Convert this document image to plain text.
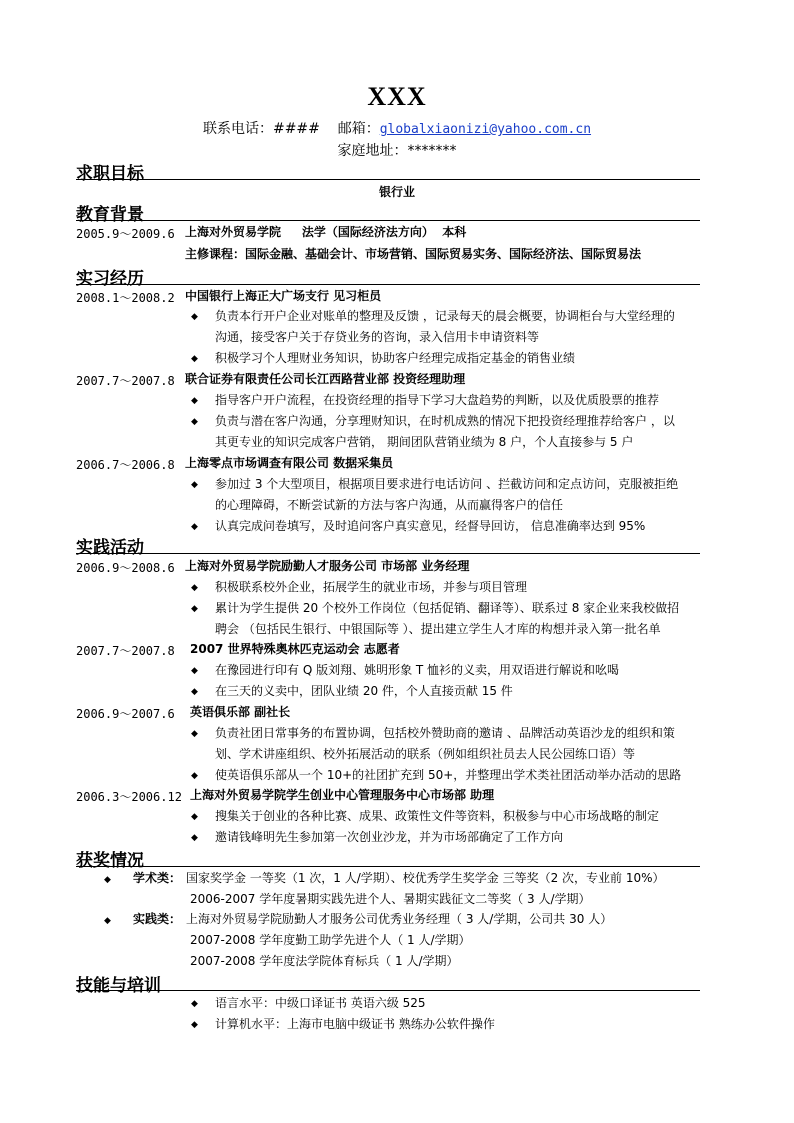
XXX
联系电话：#### 邮箱：globalxiaonizi@yahoo.com.cn
家庭地址：*******
求职目标
银行业
教育背景
2005.9～2009.6 上海对外贸易学院 法学（国际经济法方向） 本科
主修课程：国际金融、基础会计、市场营销、国际贸易实务、国际经济法、国际贸易法
实习经历
2008.1～2008.2 中国银行上海正大广场支行 见习柜员
◆ 负责本行开户企业对账单的整理及反馈 ，记录每天的晨会概要，协调柜台与大堂经理的
沟通，接受客户关于存贷业务的咨询，录入信用卡申请资料等
◆ 积极学习个人理财业务知识，协助客户经理完成指定基金的销售业绩
2007.7～2007.8 联合证券有限责任公司长江西路营业部 投资经理助理
◆ 指导客户开户流程，在投资经理的指导下学习大盘趋势的判断，以及优质股票的推荐
◆ 负责与潜在客户沟通，分享理财知识，在时机成熟的情况下把投资经理推荐给客户 ，以
其更专业的知识完成客户营销， 期间团队营销业绩为 8 户，个人直接参与 5 户
2006.7～2006.8 上海零点市场调查有限公司 数据采集员
◆ 参加过 3 个大型项目，根据项目要求进行电话访问 、拦截访问和定点访问，克服被拒绝
的心理障碍，不断尝试新的方法与客户沟通，从而赢得客户的信任
◆ 认真完成问卷填写，及时追问客户真实意见，经督导回访， 信息准确率达到 95%
实践活动
2006.9～2008.6 上海对外贸易学院励勤人才服务公司 市场部 业务经理
◆ 积极联系校外企业，拓展学生的就业市场，并参与项目管理
◆ 累计为学生提供 20 个校外工作岗位（包括促销、翻译等）、联系过 8 家企业来我校做招
聘会 （包括民生银行、中银国际等 ）、提出建立学生人才库的构想并录入第一批名单
2007.7～2007.8 2007 世界特殊奥林匹克运动会 志愿者
◆ 在豫园进行印有 Q 版刘翔、姚明形象 T 恤衫的义卖，用双语进行解说和吆喝
◆ 在三天的义卖中，团队业绩 20 件，个人直接贡献 15 件
2006.9～2007.6 英语俱乐部 副社长
◆ 负责社团日常事务的布置协调，包括校外赞助商的邀请 、品牌活动英语沙龙的组织和策
划、学术讲座组织、校外拓展活动的联系（例如组织社员去人民公园练口语）等
◆ 使英语俱乐部从一个 10+的社团扩充到 50+，并整理出学术类社团活动举办活动的思路
2006.3～2006.12 上海对外贸易学院学生创业中心管理服务中心市场部 助理
◆ 搜集关于创业的各种比赛、成果、政策性文件等资料，积极参与中心市场战略的制定
◆ 邀请钱峰明先生参加第一次创业沙龙，并为市场部确定了工作方向
获奖情况
◆ 学术类： 国家奖学金 一等奖（1 次，1 人/学期）、校优秀学生奖学金 三等奖（2 次，专业前 10%）
2006-2007 学年度暑期实践先进个人、暑期实践征文二等奖（ 3 人/学期）
◆ 实践类： 上海对外贸易学院励勤人才服务公司优秀业务经理（ 3 人/学期，公司共 30 人）
2007-2008 学年度勤工助学先进个人（ 1 人/学期）
2007-2008 学年度法学院体育标兵（ 1 人/学期）
技能与培训
◆ 语言水平：中级口译证书 英语六级 525
◆ 计算机水平：上海市电脑中级证书 熟练办公软件操作
